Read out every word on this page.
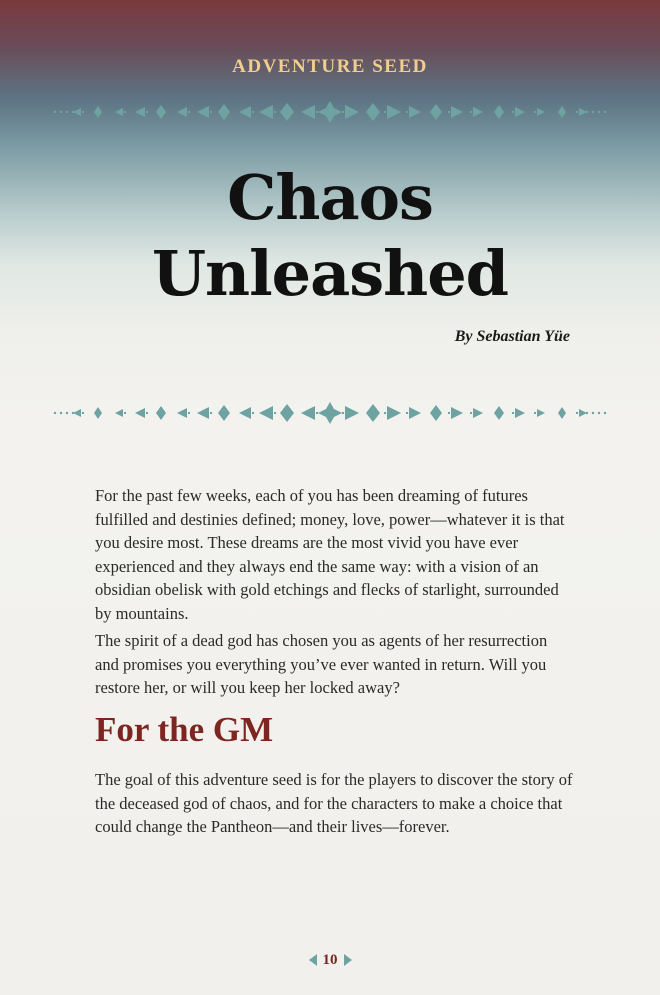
ADVENTURE SEED
Chaos
Unleashed
By Sebastian Yüe

For the past few weeks, each of you has been dreaming of futures fulfilled and destinies defined; money, love, power—whatever it is that you desire most. These dreams are the most vivid you have ever experienced and they always end the same way: with a vision of an obsidian obelisk with gold etchings and flecks of starlight, surrounded by mountains.

The spirit of a dead god has chosen you as agents of her resurrection and promises you everything you’ve ever wanted in return. Will you restore her, or will you keep her locked away?

For the GM

The goal of this adventure seed is for the players to discover the story of the deceased god of chaos, and for the characters to make a choice that could change the Pantheon—and their lives—forever.

10
